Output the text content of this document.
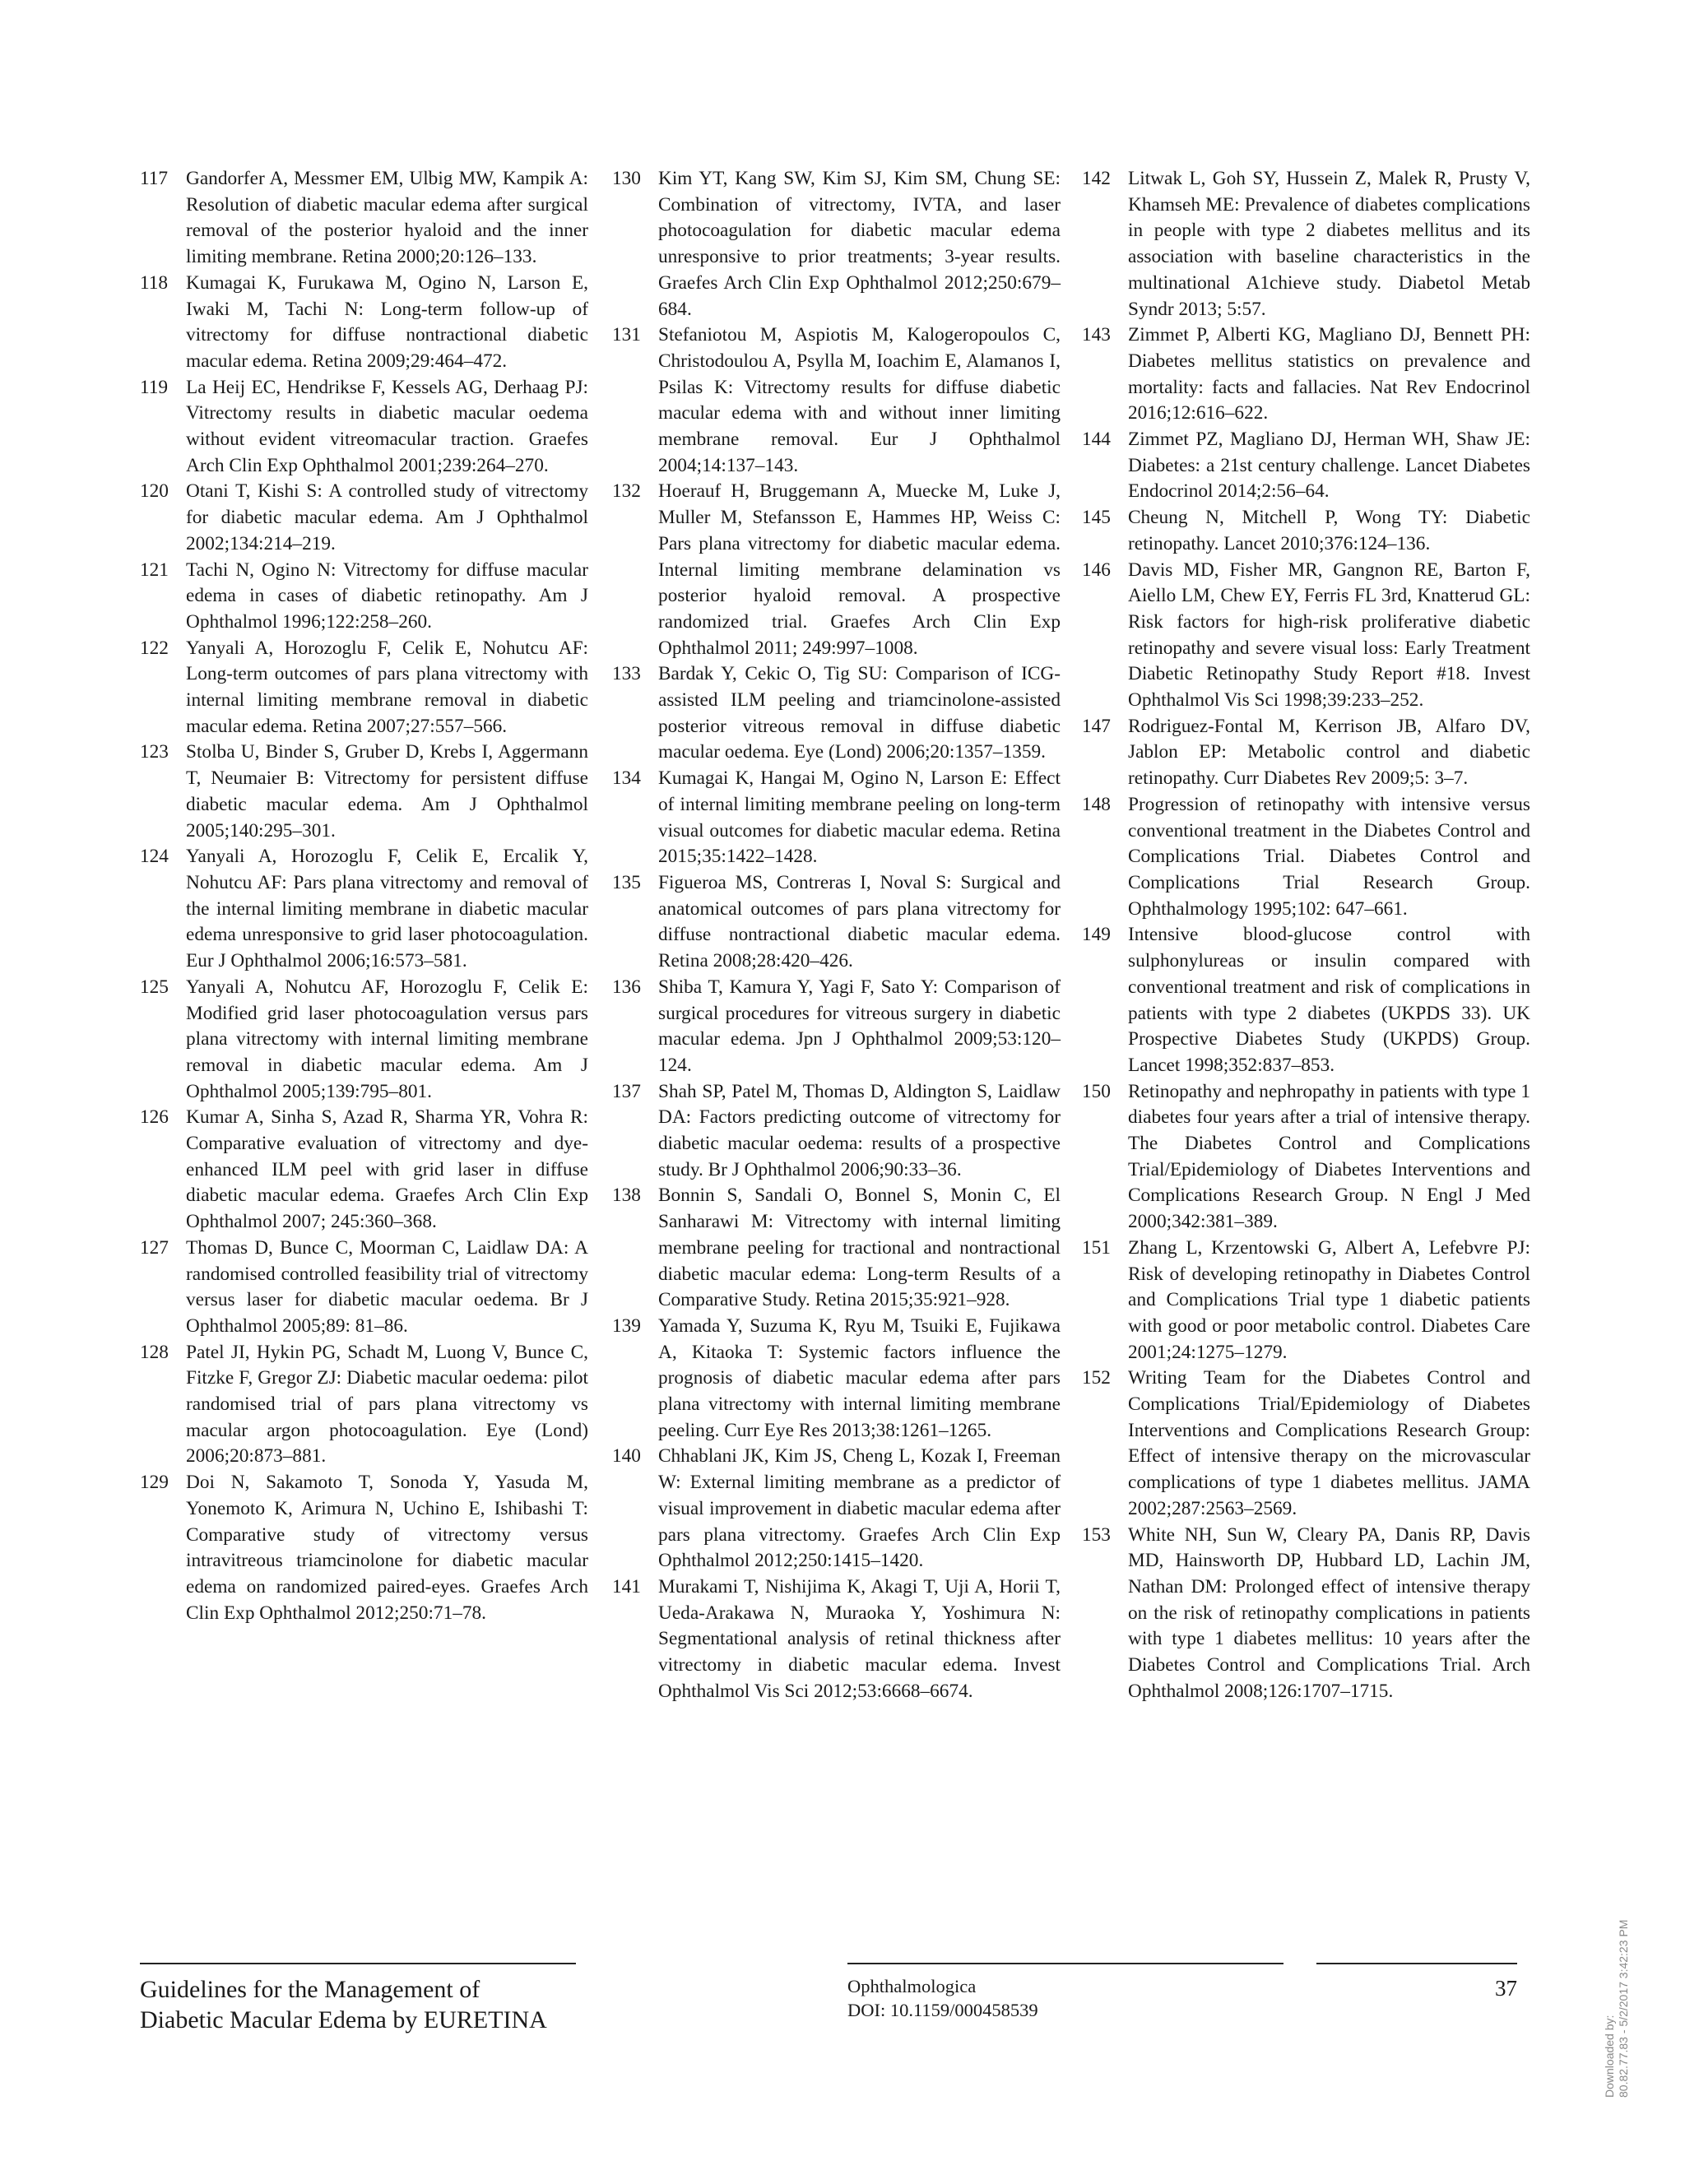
117 Gandorfer A, Messmer EM, Ulbig MW, Kampik A: Resolution of diabetic macular edema after surgical removal of the posterior hyaloid and the inner limiting membrane. Retina 2000;20:126–133.
118 Kumagai K, Furukawa M, Ogino N, Larson E, Iwaki M, Tachi N: Long-term follow-up of vitrectomy for diffuse nontractional diabetic macular edema. Retina 2009;29:464–472.
119 La Heij EC, Hendrikse F, Kessels AG, Derhaag PJ: Vitrectomy results in diabetic macular oedema without evident vitreomacular traction. Graefes Arch Clin Exp Ophthalmol 2001;239:264–270.
120 Otani T, Kishi S: A controlled study of vitrectomy for diabetic macular edema. Am J Ophthalmol 2002;134:214–219.
121 Tachi N, Ogino N: Vitrectomy for diffuse macular edema in cases of diabetic retinopathy. Am J Ophthalmol 1996;122:258–260.
122 Yanyali A, Horozoglu F, Celik E, Nohutcu AF: Long-term outcomes of pars plana vitrectomy with internal limiting membrane removal in diabetic macular edema. Retina 2007;27:557–566.
123 Stolba U, Binder S, Gruber D, Krebs I, Aggermann T, Neumaier B: Vitrectomy for persistent diffuse diabetic macular edema. Am J Ophthalmol 2005;140:295–301.
124 Yanyali A, Horozoglu F, Celik E, Ercalik Y, Nohutcu AF: Pars plana vitrectomy and removal of the internal limiting membrane in diabetic macular edema unresponsive to grid laser photocoagulation. Eur J Ophthalmol 2006;16:573–581.
125 Yanyali A, Nohutcu AF, Horozoglu F, Celik E: Modified grid laser photocoagulation versus pars plana vitrectomy with internal limiting membrane removal in diabetic macular edema. Am J Ophthalmol 2005;139:795–801.
126 Kumar A, Sinha S, Azad R, Sharma YR, Vohra R: Comparative evaluation of vitrectomy and dye-enhanced ILM peel with grid laser in diffuse diabetic macular edema. Graefes Arch Clin Exp Ophthalmol 2007; 245:360–368.
127 Thomas D, Bunce C, Moorman C, Laidlaw DA: A randomised controlled feasibility trial of vitrectomy versus laser for diabetic macular oedema. Br J Ophthalmol 2005;89: 81–86.
128 Patel JI, Hykin PG, Schadt M, Luong V, Bunce C, Fitzke F, Gregor ZJ: Diabetic macular oedema: pilot randomised trial of pars plana vitrectomy vs macular argon photocoagulation. Eye (Lond) 2006;20:873–881.
129 Doi N, Sakamoto T, Sonoda Y, Yasuda M, Yonemoto K, Arimura N, Uchino E, Ishibashi T: Comparative study of vitrectomy versus intravitreous triamcinolone for diabetic macular edema on randomized paired-eyes. Graefes Arch Clin Exp Ophthalmol 2012;250:71–78.
130 Kim YT, Kang SW, Kim SJ, Kim SM, Chung SE: Combination of vitrectomy, IVTA, and laser photocoagulation for diabetic macular edema unresponsive to prior treatments; 3-year results. Graefes Arch Clin Exp Ophthalmol 2012;250:679–684.
131 Stefaniotou M, Aspiotis M, Kalogeropoulos C, Christodoulou A, Psylla M, Ioachim E, Alamanos I, Psilas K: Vitrectomy results for diffuse diabetic macular edema with and without inner limiting membrane removal. Eur J Ophthalmol 2004;14:137–143.
132 Hoerauf H, Bruggemann A, Muecke M, Luke J, Muller M, Stefansson E, Hammes HP, Weiss C: Pars plana vitrectomy for diabetic macular edema. Internal limiting membrane delamination vs posterior hyaloid removal. A prospective randomized trial. Graefes Arch Clin Exp Ophthalmol 2011; 249:997–1008.
133 Bardak Y, Cekic O, Tig SU: Comparison of ICG-assisted ILM peeling and triamcinolone-assisted posterior vitreous removal in diffuse diabetic macular oedema. Eye (Lond) 2006;20:1357–1359.
134 Kumagai K, Hangai M, Ogino N, Larson E: Effect of internal limiting membrane peeling on long-term visual outcomes for diabetic macular edema. Retina 2015;35:1422–1428.
135 Figueroa MS, Contreras I, Noval S: Surgical and anatomical outcomes of pars plana vitrectomy for diffuse nontractional diabetic macular edema. Retina 2008;28:420–426.
136 Shiba T, Kamura Y, Yagi F, Sato Y: Comparison of surgical procedures for vitreous surgery in diabetic macular edema. Jpn J Ophthalmol 2009;53:120–124.
137 Shah SP, Patel M, Thomas D, Aldington S, Laidlaw DA: Factors predicting outcome of vitrectomy for diabetic macular oedema: results of a prospective study. Br J Ophthalmol 2006;90:33–36.
138 Bonnin S, Sandali O, Bonnel S, Monin C, El Sanharawi M: Vitrectomy with internal limiting membrane peeling for tractional and nontractional diabetic macular edema: Long-term Results of a Comparative Study. Retina 2015;35:921–928.
139 Yamada Y, Suzuma K, Ryu M, Tsuiki E, Fujikawa A, Kitaoka T: Systemic factors influence the prognosis of diabetic macular edema after pars plana vitrectomy with internal limiting membrane peeling. Curr Eye Res 2013;38:1261–1265.
140 Chhablani JK, Kim JS, Cheng L, Kozak I, Freeman W: External limiting membrane as a predictor of visual improvement in diabetic macular edema after pars plana vitrectomy. Graefes Arch Clin Exp Ophthalmol 2012;250:1415–1420.
141 Murakami T, Nishijima K, Akagi T, Uji A, Horii T, Ueda-Arakawa N, Muraoka Y, Yoshimura N: Segmentational analysis of retinal thickness after vitrectomy in diabetic macular edema. Invest Ophthalmol Vis Sci 2012;53:6668–6674.
142 Litwak L, Goh SY, Hussein Z, Malek R, Prusty V, Khamseh ME: Prevalence of diabetes complications in people with type 2 diabetes mellitus and its association with baseline characteristics in the multinational A1chieve study. Diabetol Metab Syndr 2013; 5:57.
143 Zimmet P, Alberti KG, Magliano DJ, Bennett PH: Diabetes mellitus statistics on prevalence and mortality: facts and fallacies. Nat Rev Endocrinol 2016;12:616–622.
144 Zimmet PZ, Magliano DJ, Herman WH, Shaw JE: Diabetes: a 21st century challenge. Lancet Diabetes Endocrinol 2014;2:56–64.
145 Cheung N, Mitchell P, Wong TY: Diabetic retinopathy. Lancet 2010;376:124–136.
146 Davis MD, Fisher MR, Gangnon RE, Barton F, Aiello LM, Chew EY, Ferris FL 3rd, Knatterud GL: Risk factors for high-risk proliferative diabetic retinopathy and severe visual loss: Early Treatment Diabetic Retinopathy Study Report #18. Invest Ophthalmol Vis Sci 1998;39:233–252.
147 Rodriguez-Fontal M, Kerrison JB, Alfaro DV, Jablon EP: Metabolic control and diabetic retinopathy. Curr Diabetes Rev 2009;5: 3–7.
148 Progression of retinopathy with intensive versus conventional treatment in the Diabetes Control and Complications Trial. Diabetes Control and Complications Trial Research Group. Ophthalmology 1995;102: 647–661.
149 Intensive blood-glucose control with sulphonylureas or insulin compared with conventional treatment and risk of complications in patients with type 2 diabetes (UKPDS 33). UK Prospective Diabetes Study (UKPDS) Group. Lancet 1998;352:837–853.
150 Retinopathy and nephropathy in patients with type 1 diabetes four years after a trial of intensive therapy. The Diabetes Control and Complications Trial/Epidemiology of Diabetes Interventions and Complications Research Group. N Engl J Med 2000;342:381–389.
151 Zhang L, Krzentowski G, Albert A, Lefebvre PJ: Risk of developing retinopathy in Diabetes Control and Complications Trial type 1 diabetic patients with good or poor metabolic control. Diabetes Care 2001;24:1275–1279.
152 Writing Team for the Diabetes Control and Complications Trial/Epidemiology of Diabetes Interventions and Complications Research Group: Effect of intensive therapy on the microvascular complications of type 1 diabetes mellitus. JAMA 2002;287:2563–2569.
153 White NH, Sun W, Cleary PA, Danis RP, Davis MD, Hainsworth DP, Hubbard LD, Lachin JM, Nathan DM: Prolonged effect of intensive therapy on the risk of retinopathy complications in patients with type 1 diabetes mellitus: 10 years after the Diabetes Control and Complications Trial. Arch Ophthalmol 2008;126:1707–1715.
Guidelines for the Management of
Diabetic Macular Edema by EURETINA
Ophthalmologica
DOI: 10.1159/000458539
37
Downloaded by: 80.82.77.83 - 5/2/2017 3:42:23 PM
